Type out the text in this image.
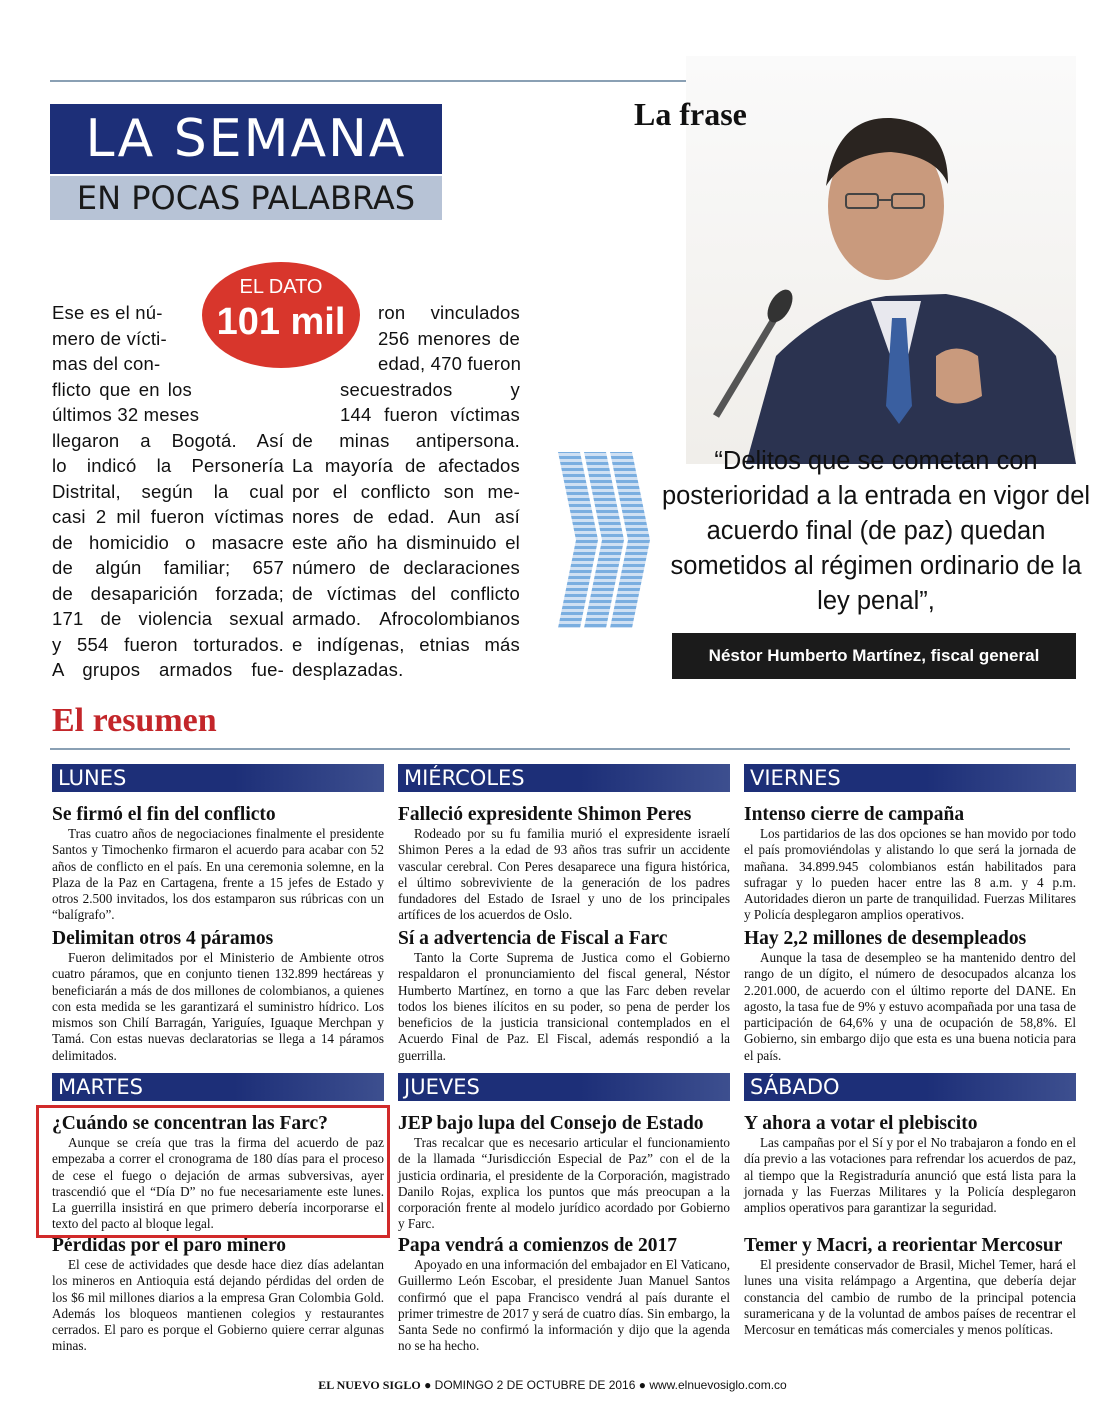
LA SEMANA
EN POCAS PALABRAS
Ese es el nú-
mero de vícti-
mas del con-
flicto que en los
últimos 32 meses
llegaron a Bogotá. Así
lo indicó la Personería
Distrital, según la cual
casi 2 mil fueron víctimas
de homicidio o masacre
de algún familiar; 657
de desaparición forzada;
171 de violencia sexual
y 554 fueron torturados.
A grupos armados fue-
ron vinculados
256 menores de
edad, 470 fueron
secuestrados y
144 fueron víctimas
de minas antipersona.
La mayoría de afectados
por el conflicto son me-
nores de edad. Aun así
este año ha disminuido el
número de declaraciones
de víctimas del conflicto
armado. Afrocolombianos
e indígenas, etnias más
desplazadas.
EL DATO
101 mil
La frase
“Delitos que se cometan con posterioridad a la entrada en vigor del acuerdo final (de paz) quedan sometidos al régimen ordinario de la ley penal”,
Néstor Humberto Martínez, fiscal general
El resumen
LUNES
Se firmó el fin del conflicto

Tras cuatro años de negociaciones finalmente el presidente Santos y Timochenko firmaron el acuerdo para acabar con 52 años de conflicto en el país. En una ceremonia solemne, en la Plaza de la Paz en Cartagena, frente a 15 jefes de Estado y otros 2.500 invitados, los dos estamparon sus rúbricas con un “balígrafo”.

Delimitan otros 4 páramos

Fueron delimitados por el Ministerio de Ambiente otros cuatro páramos, que en conjunto tienen 132.899 hectáreas y beneficiarán a más de dos millones de colombianos, a quienes con esta medida se les garantizará el suministro hídrico. Los mismos son Chilí Barragán, Yariguíes, Iguaque Merchpan y Tamá. Con estas nuevas declaratorias se llega a 14 páramos delimitados.

MIÉRCOLES
Falleció expresidente Shimon Peres

Rodeado por su fu familia murió el expresidente israelí Shimon Peres a la edad de 93 años tras sufrir un accidente vascular cerebral. Con Peres desaparece una figura histórica, el último sobreviviente de la generación de los padres fundadores del Estado de Israel y uno de los principales artífices de los acuerdos de Oslo.

Sí a advertencia de Fiscal a Farc

Tanto la Corte Suprema de Justica como el Gobierno respaldaron el pronunciamiento del fiscal general, Néstor Humberto Martínez, en torno a que las Farc deben revelar todos los bienes ilícitos en su poder, so pena de perder los beneficios de la justicia transicional contemplados en el Acuerdo Final de Paz. El Fiscal, además respondió a la guerrilla.

VIERNES
Intenso cierre de campaña

Los partidarios de las dos opciones se han movido por todo el país promoviéndolas y alistando lo que será la jornada de mañana. 34.899.945 colombianos están habilitados para sufragar y lo pueden hacer entre las 8 a.m. y 4 p.m. Autoridades dieron un parte de tranquilidad. Fuerzas Militares y Policía desplegaron amplios operativos.

Hay 2,2 millones de desempleados

Aunque la tasa de desempleo se ha mantenido dentro del rango de un dígito, el número de desocupados alcanza los 2.201.000, de acuerdo con el último reporte del DANE. En agosto, la tasa fue de 9% y estuvo acompañada por una tasa de participación de 64,6% y una de ocupación de 58,8%. El Gobierno, sin embargo dijo que esta es una buena noticia para el país.

MARTES
¿Cuándo se concentran las Farc?

Aunque se creía que tras la firma del acuerdo de paz empezaba a correr el cronograma de 180 días para el proceso de cese el fuego o dejación de armas subversivas, ayer trascendió que el “Día D” no fue necesariamente este lunes. La guerrilla insistirá en que primero debería incorporarse el texto del pacto al bloque legal.

Pérdidas por el paro minero

El cese de actividades que desde hace diez días adelantan los mineros en Antioquia está dejando pérdidas del orden de los $6 mil millones diarios a la empresa Gran Colombia Gold. Además los bloqueos mantienen colegios y restaurantes cerrados. El paro es porque el Gobierno quiere cerrar algunas minas.

JUEVES
JEP bajo lupa del Consejo de Estado

Tras recalcar que es necesario articular el funcionamiento de la llamada “Jurisdicción Especial de Paz” con el de la justicia ordinaria, el presidente de la Corporación, magistrado Danilo Rojas, explica los puntos que más preocupan a la corporación frente al modelo jurídico acordado por Gobierno y Farc.

Papa vendrá a comienzos de 2017

Apoyado en una información del embajador en El Vaticano, Guillermo León Escobar, el presidente Juan Manuel Santos confirmó que el papa Francisco vendrá al país durante el primer trimestre de 2017 y será de cuatro días. Sin embargo, la Santa Sede no confirmó la información y dijo que la agenda no se ha hecho.

SÁBADO
Y ahora a votar el plebiscito

Las campañas por el Sí y por el No trabajaron a fondo en el día previo a las votaciones para refrendar los acuerdos de paz, al tiempo que la Registraduría anunció que está lista para la jornada y las Fuerzas Militares y la Policía desplegaron amplios operativos para garantizar la seguridad.

Temer y Macri, a reorientar Mercosur

El presidente conservador de Brasil, Michel Temer, hará el lunes una visita relámpago a Argentina, que debería dejar constancia del cambio de rumbo de la principal potencia suramericana y de la voluntad de ambos países de recentrar el Mercosur en temáticas más comerciales y menos políticas.

EL NUEVO SIGLO ● DOMINGO 2 DE OCTUBRE DE 2016 ● www.elnuevosiglo.com.co
